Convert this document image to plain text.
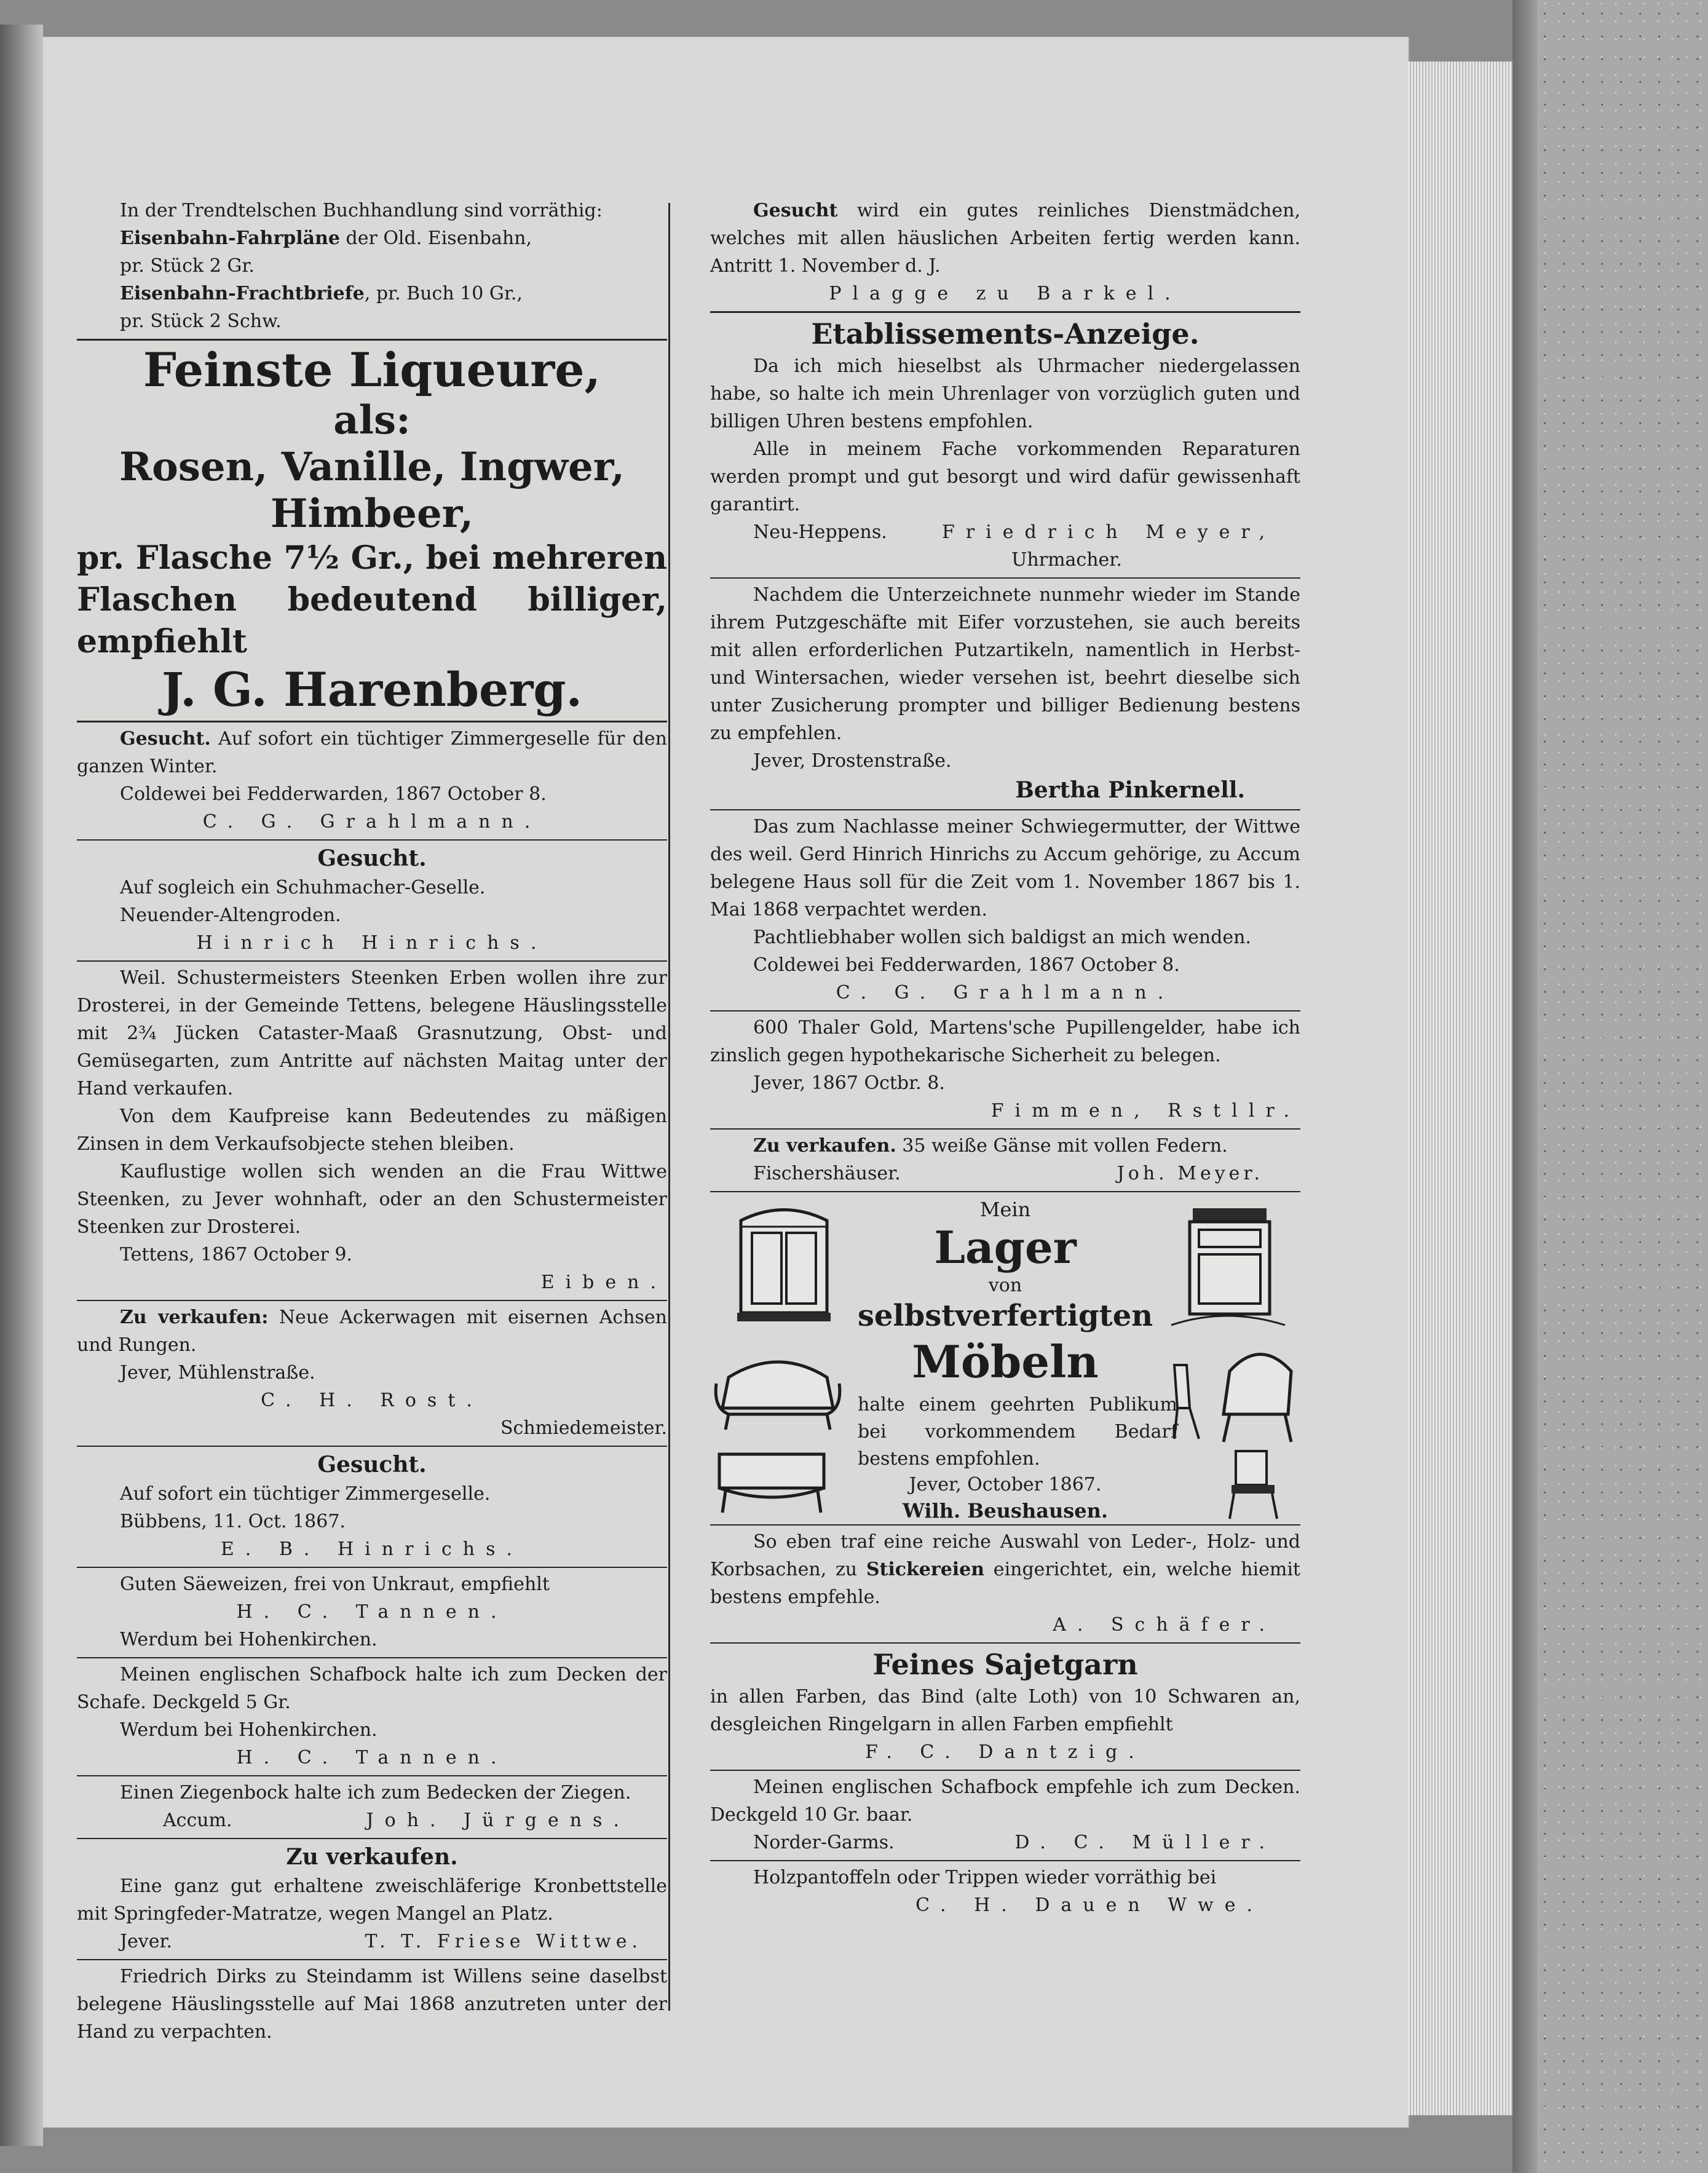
In der Trendtelschen Buchhandlung sind vorräthig:

Eisenbahn-Fahrpläne der Old. Eisenbahn,

pr. Stück 2 Gr.

Eisenbahn-Frachtbriefe, pr. Buch 10 Gr.,

pr. Stück 2 Schw.

Feinste Liqueure,
als:
Rosen, Vanille, Ingwer,
Himbeer,

pr. Flasche 7½ Gr., bei mehreren Flaschen bedeutend billiger, empfiehlt

J. G. Harenberg.

Gesucht. Auf sofort ein tüchtiger Zimmergeselle für den ganzen Winter.

Coldewei bei Fedderwarden, 1867 October 8.

C. G. Grahlmann.

Gesucht.

Auf sogleich ein Schuhmacher-Geselle.

Neuender-Altengroden.

Hinrich Hinrichs.

Weil. Schustermeisters Steenken Erben wollen ihre zur Drosterei, in der Gemeinde Tettens, belegene Häuslingsstelle mit 2¾ Jücken Cataster-Maaß Grasnutzung, Obst- und Gemüsegarten, zum Antritte auf nächsten Maitag unter der Hand verkaufen.

Von dem Kaufpreise kann Bedeutendes zu mäßigen Zinsen in dem Verkaufsobjecte stehen bleiben.

Kauflustige wollen sich wenden an die Frau Wittwe Steenken, zu Jever wohnhaft, oder an den Schustermeister Steenken zur Drosterei.

Tettens, 1867 October 9.

Eiben.

Zu verkaufen: Neue Ackerwagen mit eisernen Achsen und Rungen.

Jever, Mühlenstraße.

C. H. Rost.

Schmiedemeister.

Gesucht.

Auf sofort ein tüchtiger Zimmergeselle.

Bübbens, 11. Oct. 1867.

E. B. Hinrichs.

Guten Säeweizen, frei von Unkraut, empfiehlt

H. C. Tannen.

Werdum bei Hohenkirchen.

Meinen englischen Schafbock halte ich zum Decken der Schafe. Deckgeld 5 Gr.

Werdum bei Hohenkirchen.

H. C. Tannen.

Einen Ziegenbock halte ich zum Bedecken der Ziegen.

Accum.	Joh. Jürgens.
Zu verkaufen.

Eine ganz gut erhaltene zweischläferige Kronbettstelle mit Springfeder-Matratze, wegen Mangel an Platz.

Jever.	T. T. Friese Wittwe.

Friedrich Dirks zu Steindamm ist Willens seine daselbst belegene Häuslingsstelle auf Mai 1868 anzutreten unter der Hand zu verpachten.

Gesucht wird ein gutes reinliches Dienstmädchen, welches mit allen häuslichen Arbeiten fertig werden kann. Antritt 1. November d. J.

Plagge zu Barkel.

Etablissements-Anzeige.

Da ich mich hieselbst als Uhrmacher niedergelassen habe, so halte ich mein Uhrenlager von vorzüglich guten und billigen Uhren bestens empfohlen.

Alle in meinem Fache vorkommenden Reparaturen werden prompt und gut besorgt und wird dafür gewissenhaft garantirt.

Neu-Heppens.	Friedrich Meyer,

Uhrmacher.

Nachdem die Unterzeichnete nunmehr wieder im Stande ihrem Putzgeschäfte mit Eifer vorzustehen, sie auch bereits mit allen erforderlichen Putzartikeln, namentlich in Herbst- und Wintersachen, wieder versehen ist, beehrt dieselbe sich unter Zusicherung prompter und billiger Bedienung bestens zu empfehlen.

Jever, Drostenstraße.

Bertha Pinkernell.

Das zum Nachlasse meiner Schwiegermutter, der Wittwe des weil. Gerd Hinrich Hinrichs zu Accum gehörige, zu Accum belegene Haus soll für die Zeit vom 1. November 1867 bis 1. Mai 1868 verpachtet werden.

Pachtliebhaber wollen sich baldigst an mich wenden.

Coldewei bei Fedderwarden, 1867 October 8.

C. G. Grahlmann.

600 Thaler Gold, Martens'sche Pupillengelder, habe ich zinslich gegen hypothekarische Sicherheit zu belegen.

Jever, 1867 Octbr. 8.

Fimmen, Rstllr.

Zu verkaufen. 35 weiße Gänse mit vollen Federn.

Fischershäuser.	Joh. Meyer.
Mein
Lager
von
selbstverfertigten
Möbeln
halte einem geehrten Publikum bei vorkommendem Bedarf bestens empfohlen.
Jever, October 1867.
Wilh. Beushausen.

So eben traf eine reiche Auswahl von Leder-, Holz- und Korbsachen, zu Stickereien eingerichtet, ein, welche hiemit bestens empfehle.

A. Schäfer.

Feines Sajetgarn

in allen Farben, das Bind (alte Loth) von 10 Schwaren an, desgleichen Ringelgarn in allen Farben empfiehlt

F. C. Dantzig.

Meinen englischen Schafbock empfehle ich zum Decken. Deckgeld 10 Gr. baar.

Norder-Garms.	D. C. Müller.

Holzpantoffeln oder Trippen wieder vorräthig bei

C. H. Dauen Wwe.
